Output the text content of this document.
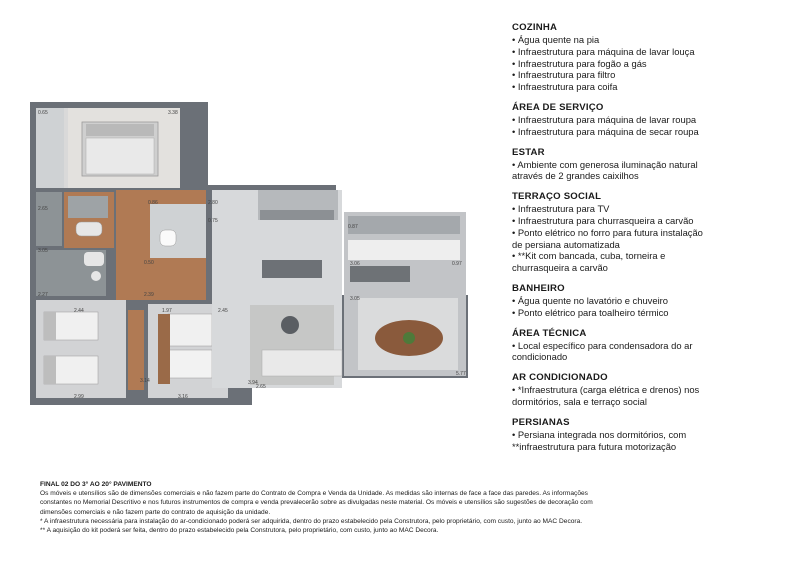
0.65	3.38
2.65
0.50
3.05
2.39
2.27
2.80
0.86
2.65
0.87
3.06	0.97
3.05
1.97	2.45
2.44
3.14
2.99	3.16
3.94
0.75
5.77
COZINHA
• Água quente na pia
• Infraestrutura para máquina de lavar louça
• Infraestrutura para fogão a gás
• Infraestrutura para filtro
• Infraestrutura para coifa
ÁREA DE SERVIÇO
• Infraestrutura para máquina de lavar roupa
• Infraestrutura para máquina de secar roupa
ESTAR
• Ambiente com generosa iluminação natural
através de 2 grandes caixilhos
TERRAÇO SOCIAL
• Infraestrutura para TV
• Infraestrutura para churrasqueira a carvão
• Ponto elétrico no forro para futura instalação
de persiana automatizada
• **Kit com bancada, cuba, torneira e
churrasqueira a carvão
BANHEIRO
• Água quente no lavatório e chuveiro
• Ponto elétrico para toalheiro térmico
ÁREA TÉCNICA
• Local específico para condensadora do ar
condicionado
AR CONDICIONADO
• *Infraestrutura (carga elétrica e drenos) nos
dormitórios, sala e terraço social
PERSIANAS
• Persiana integrada nos dormitórios, com
**infraestrutura para futura motorização
FINAL 02 DO 3° AO 20° PAVIMENTO
Os móveis e utensílios são de dimensões comerciais e não fazem parte do Contrato de Compra e Venda da Unidade. As medidas são internas de face a face das paredes. As informações
constantes no Memorial Descritivo e nos futuros instrumentos de compra e venda prevalecerão sobre as divulgadas neste material. Os móveis e utensílios são sugestões de decoração com
dimensões comerciais e não fazem parte do contrato de aquisição da unidade.
* A infraestrutura necessária para instalação do ar-condicionado poderá ser adquirida, dentro do prazo estabelecido pela Construtora, pelo proprietário, com custo, junto ao MAC Decora.
** A aquisição do kit poderá ser feita, dentro do prazo estabelecido pela Construtora, pelo proprietário, com custo, junto ao MAC Decora.
